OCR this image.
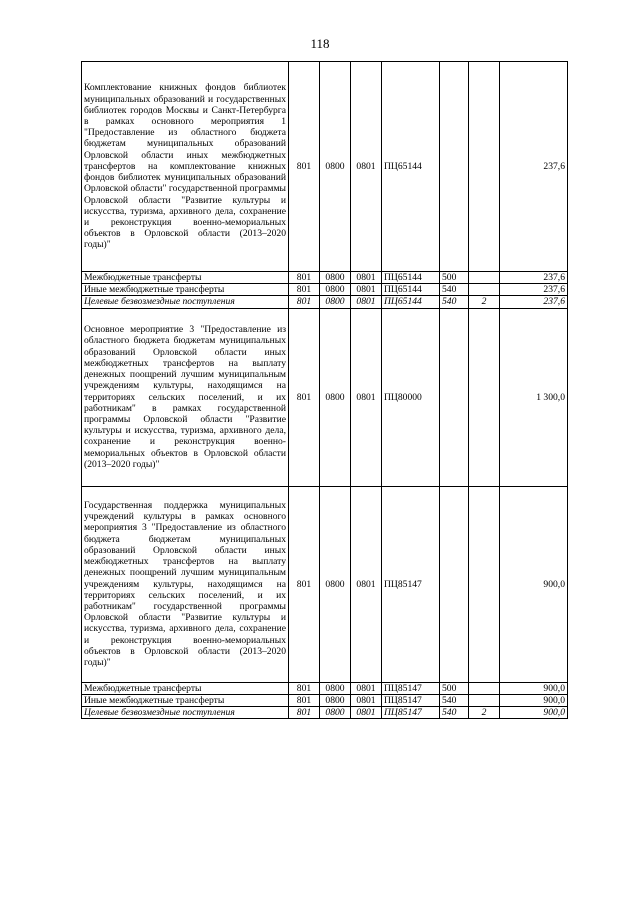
118
Комплектование книжных фондов библиотек муниципальных образований и государственных библиотек городов Москвы и Санкт-Петербурга в рамках основного мероприятия 1 "Предоставление из областного бюджета бюджетам муниципальных образований Орловской области иных межбюджетных трансфертов на комплектование книжных фондов библиотек муниципальных образований Орловской области" государственной программы Орловской области "Развитие культуры и искусства, туризма, архивного дела, сохранение и реконструкция военно-мемориальных объектов в Орловской области (2013–2020 годы)"	801	0800	0801	ПЦ65144			237,6
Межбюджетные трансферты	801	0800	0801	ПЦ65144	500		237,6
Иные межбюджетные трансферты	801	0800	0801	ПЦ65144	540		237,6
Целевые безвозмездные поступления	801	0800	0801	ПЦ65144	540	2	237,6
Основное мероприятие 3 "Предоставление из областного бюджета бюджетам муниципальных образований Орловской области иных межбюджетных трансфертов на выплату денежных поощрений лучшим муниципальным учреждениям культуры, находящимся на территориях сельских поселений, и их работникам" в рамках государственной программы Орловской области "Развитие культуры и искусства, туризма, архивного дела, сохранение и реконструкция военно-мемориальных объектов в Орловской области (2013–2020 годы)"	801	0800	0801	ПЦ80000			1 300,0
Государственная поддержка муниципальных учреждений культуры в рамках основного мероприятия 3 "Предоставление из областного бюджета бюджетам муниципальных образований Орловской области иных межбюджетных трансфертов на выплату денежных поощрений лучшим муниципальным учреждениям культуры, находящимся на территориях сельских поселений, и их работникам" государственной программы Орловской области "Развитие культуры и искусства, туризма, архивного дела, сохранение и реконструкция военно-мемориальных объектов в Орловской области (2013–2020 годы)"	801	0800	0801	ПЦ85147			900,0
Межбюджетные трансферты	801	0800	0801	ПЦ85147	500		900,0
Иные межбюджетные трансферты	801	0800	0801	ПЦ85147	540		900,0
Целевые безвозмездные поступления	801	0800	0801	ПЦ85147	540	2	900,0
